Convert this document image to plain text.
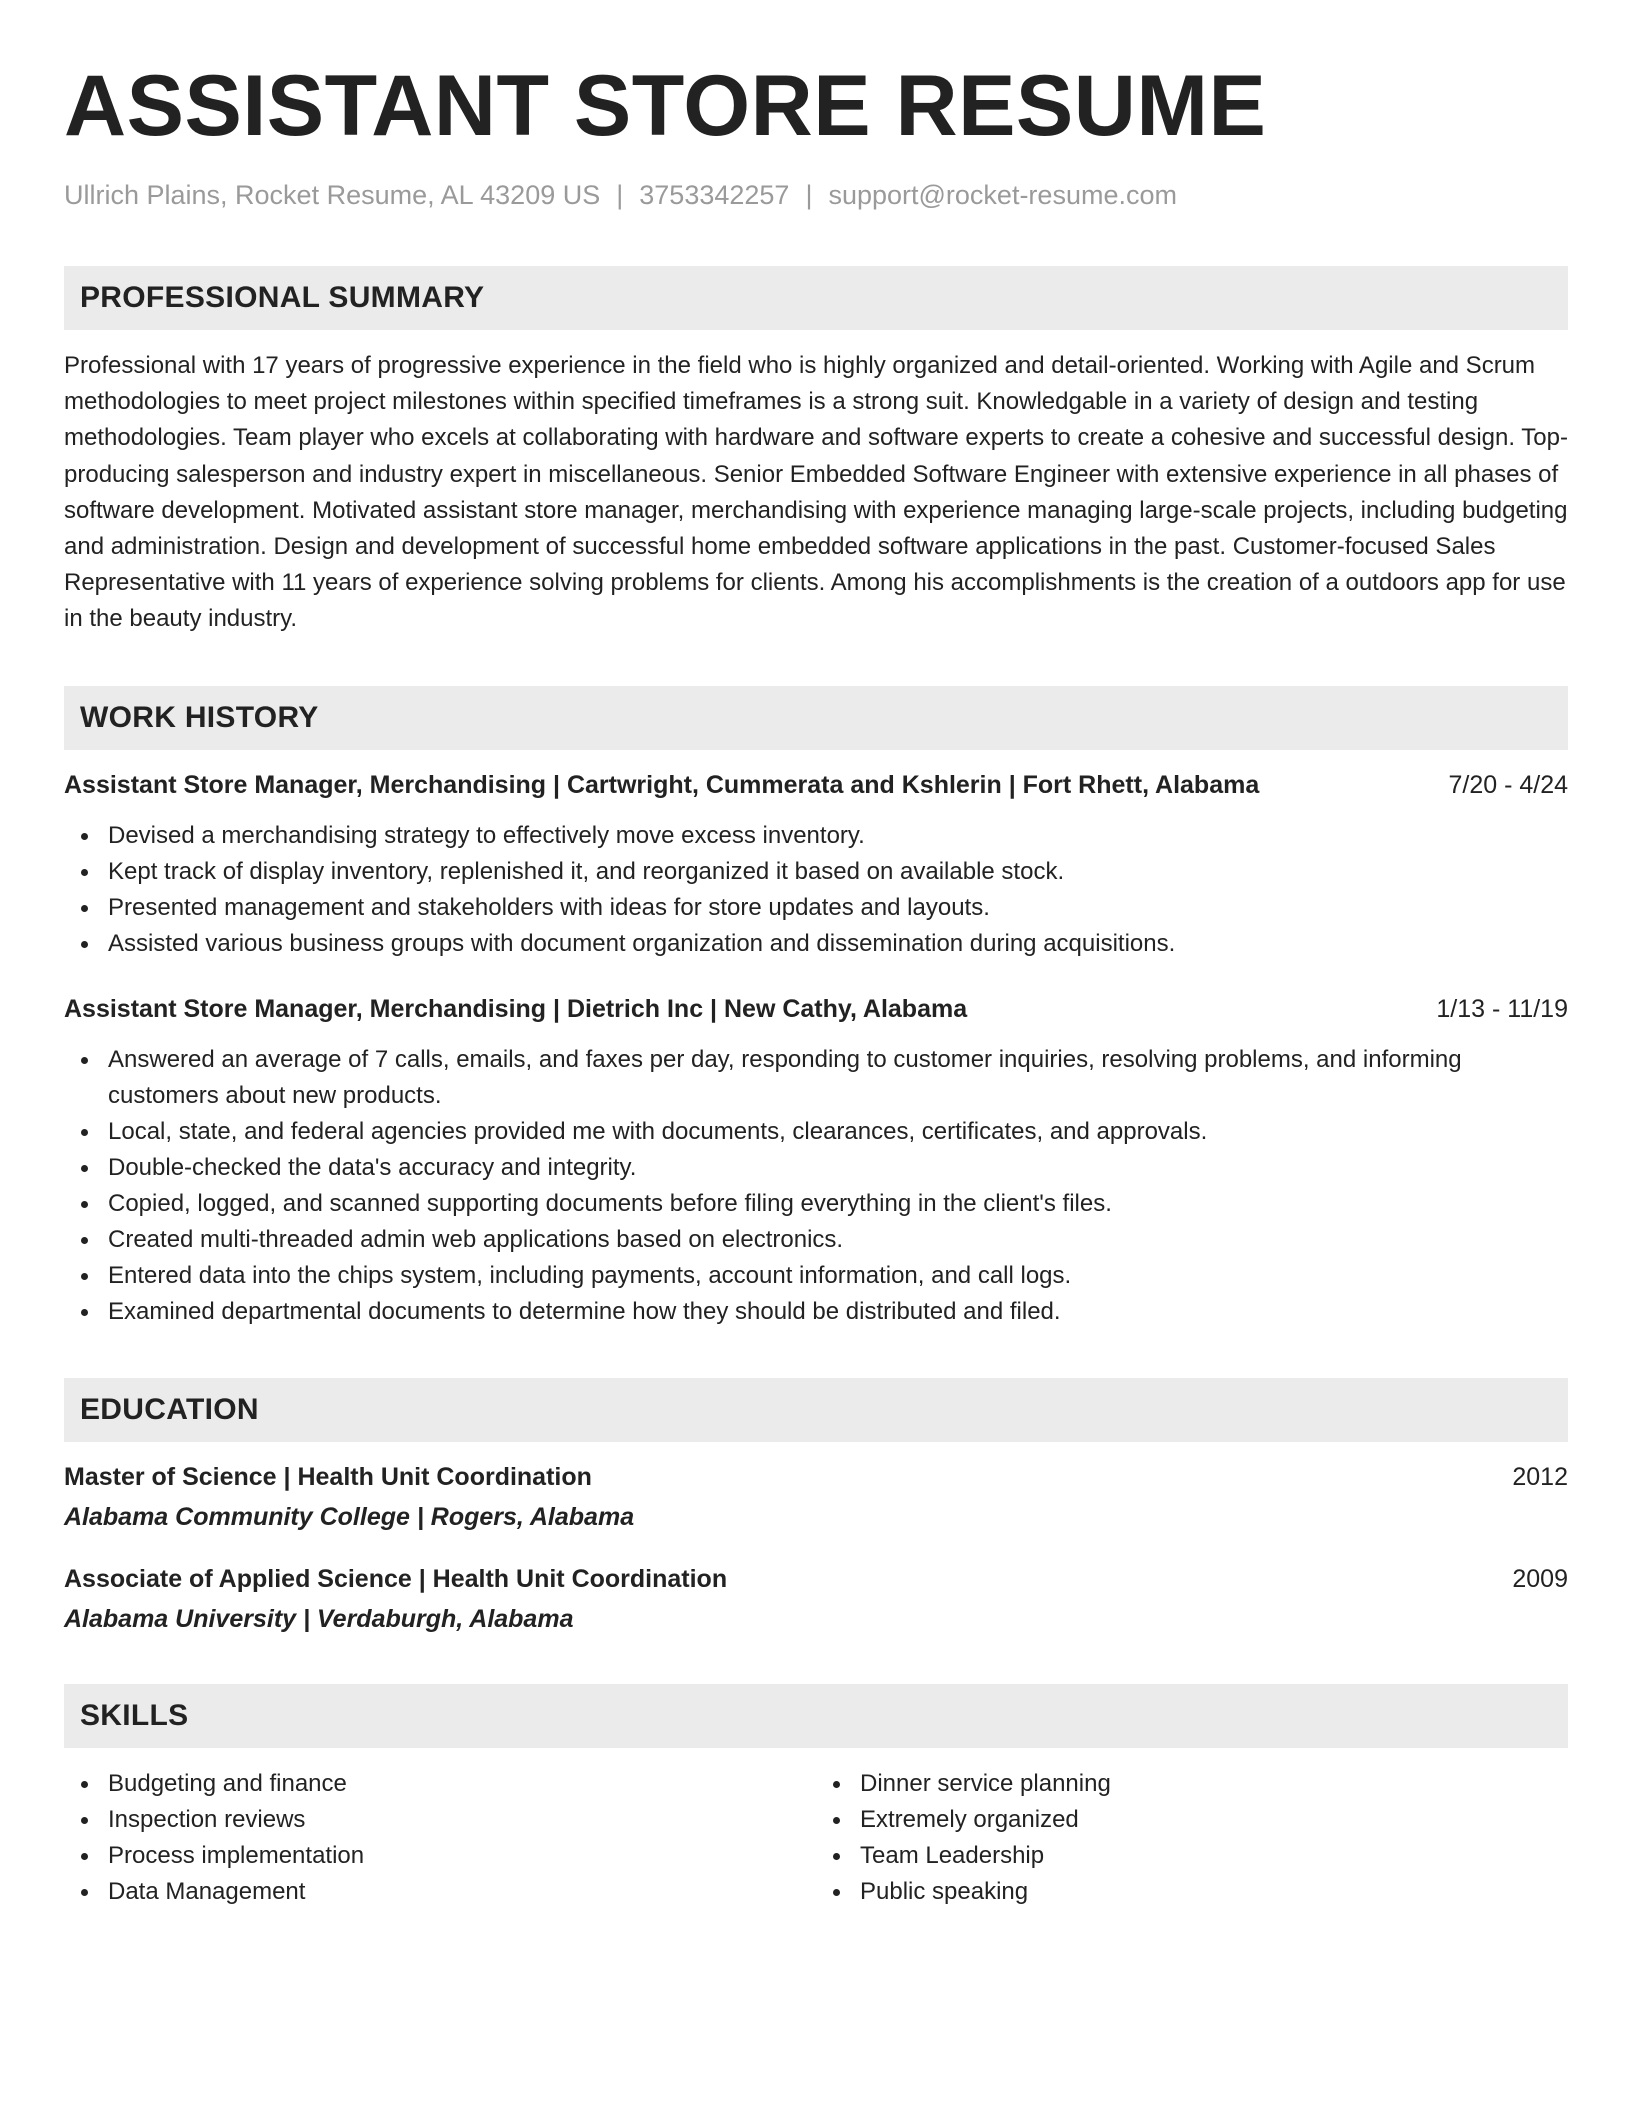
ASSISTANT STORE RESUME
Ullrich Plains, Rocket Resume, AL 43209 US | 3753342257 | support@rocket-resume.com
PROFESSIONAL SUMMARY

Professional with 17 years of progressive experience in the field who is highly organized and detail-oriented. Working with Agile and Scrum methodologies to meet project milestones within specified timeframes is a strong suit. Knowledgable in a variety of design and testing methodologies. Team player who excels at collaborating with hardware and software experts to create a cohesive and successful design. Top-producing salesperson and industry expert in miscellaneous. Senior Embedded Software Engineer with extensive experience in all phases of software development. Motivated assistant store manager, merchandising with experience managing large-scale projects, including budgeting and administration. Design and development of successful home embedded software applications in the past. Customer-focused Sales Representative with 11 years of experience solving problems for clients. Among his accomplishments is the creation of a outdoors app for use in the beauty industry.

WORK HISTORY
Assistant Store Manager, Merchandising | Cartwright, Cummerata and Kshlerin | Fort Rhett, Alabama	7/20 - 4/24
Devised a merchandising strategy to effectively move excess inventory.
Kept track of display inventory, replenished it, and reorganized it based on available stock.
Presented management and stakeholders with ideas for store updates and layouts.
Assisted various business groups with document organization and dissemination during acquisitions.
Assistant Store Manager, Merchandising | Dietrich Inc | New Cathy, Alabama	1/13 - 11/19
Answered an average of 7 calls, emails, and faxes per day, responding to customer inquiries, resolving problems, and informing customers about new products.
Local, state, and federal agencies provided me with documents, clearances, certificates, and approvals.
Double-checked the data's accuracy and integrity.
Copied, logged, and scanned supporting documents before filing everything in the client's files.
Created multi-threaded admin web applications based on electronics.
Entered data into the chips system, including payments, account information, and call logs.
Examined departmental documents to determine how they should be distributed and filed.
EDUCATION
Master of Science | Health Unit Coordination	2012
Alabama Community College | Rogers, Alabama
Associate of Applied Science | Health Unit Coordination	2009
Alabama University | Verdaburgh, Alabama
SKILLS
Budgeting and finance
Inspection reviews
Process implementation
Data Management
Dinner service planning
Extremely organized
Team Leadership
Public speaking
